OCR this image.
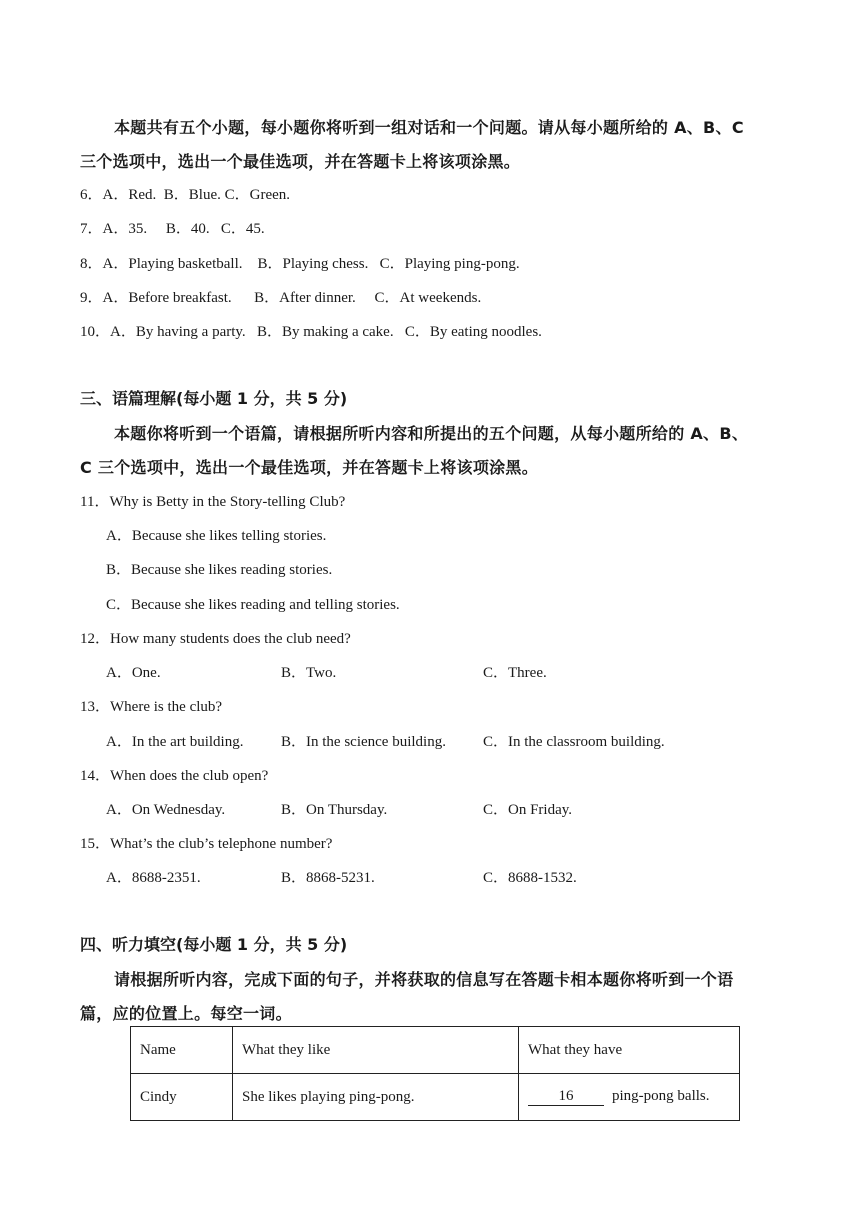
本题共有五个小题，每小题你将听到一组对话和一个问题。请从每小题所给的 A、B、C
三个选项中，选出一个最佳选项，并在答题卡上将该项涂黑。
6．A．Red. B．Blue. C．Green.
7．A．35. B．40. C．45.
8．A．Playing basketball. B．Playing chess. C．Playing ping-pong.
9．A．Before breakfast. B．After dinner. C．At weekends.
10．A．By having a party. B．By making a cake. C．By eating noodles.
三、语篇理解(每小题 1 分，共 5 分)
本题你将听到一个语篇，请根据所听内容和所提出的五个问题，从每小题所给的 A、B、
C 三个选项中，选出一个最佳选项，并在答题卡上将该项涂黑。
11．Why is Betty in the Story-telling Club?
A．Because she likes telling stories.
B．Because she likes reading stories.
C．Because she likes reading and telling stories.
12．How many students does the club need?
A．One.	B．Two.	C．Three.
13．Where is the club?
A．In the art building.	B．In the science building. C．In the classroom building.
14．When does the club open?
A．On Wednesday.	B．On Thursday.	C．On Friday.
15．What’s the club’s telephone number?
A．8688-2351.	B．8868-5231.	C．8688-1532.
四、听力填空(每小题 1 分，共 5 分)
请根据所听内容，完成下面的句子，并将获取的信息写在答题卡相本题你将听到一个语
篇，应的位置上。每空一词。
Name	What they like	What they have
Cindy	She likes playing ping-pong.	16 ping-pong balls.
